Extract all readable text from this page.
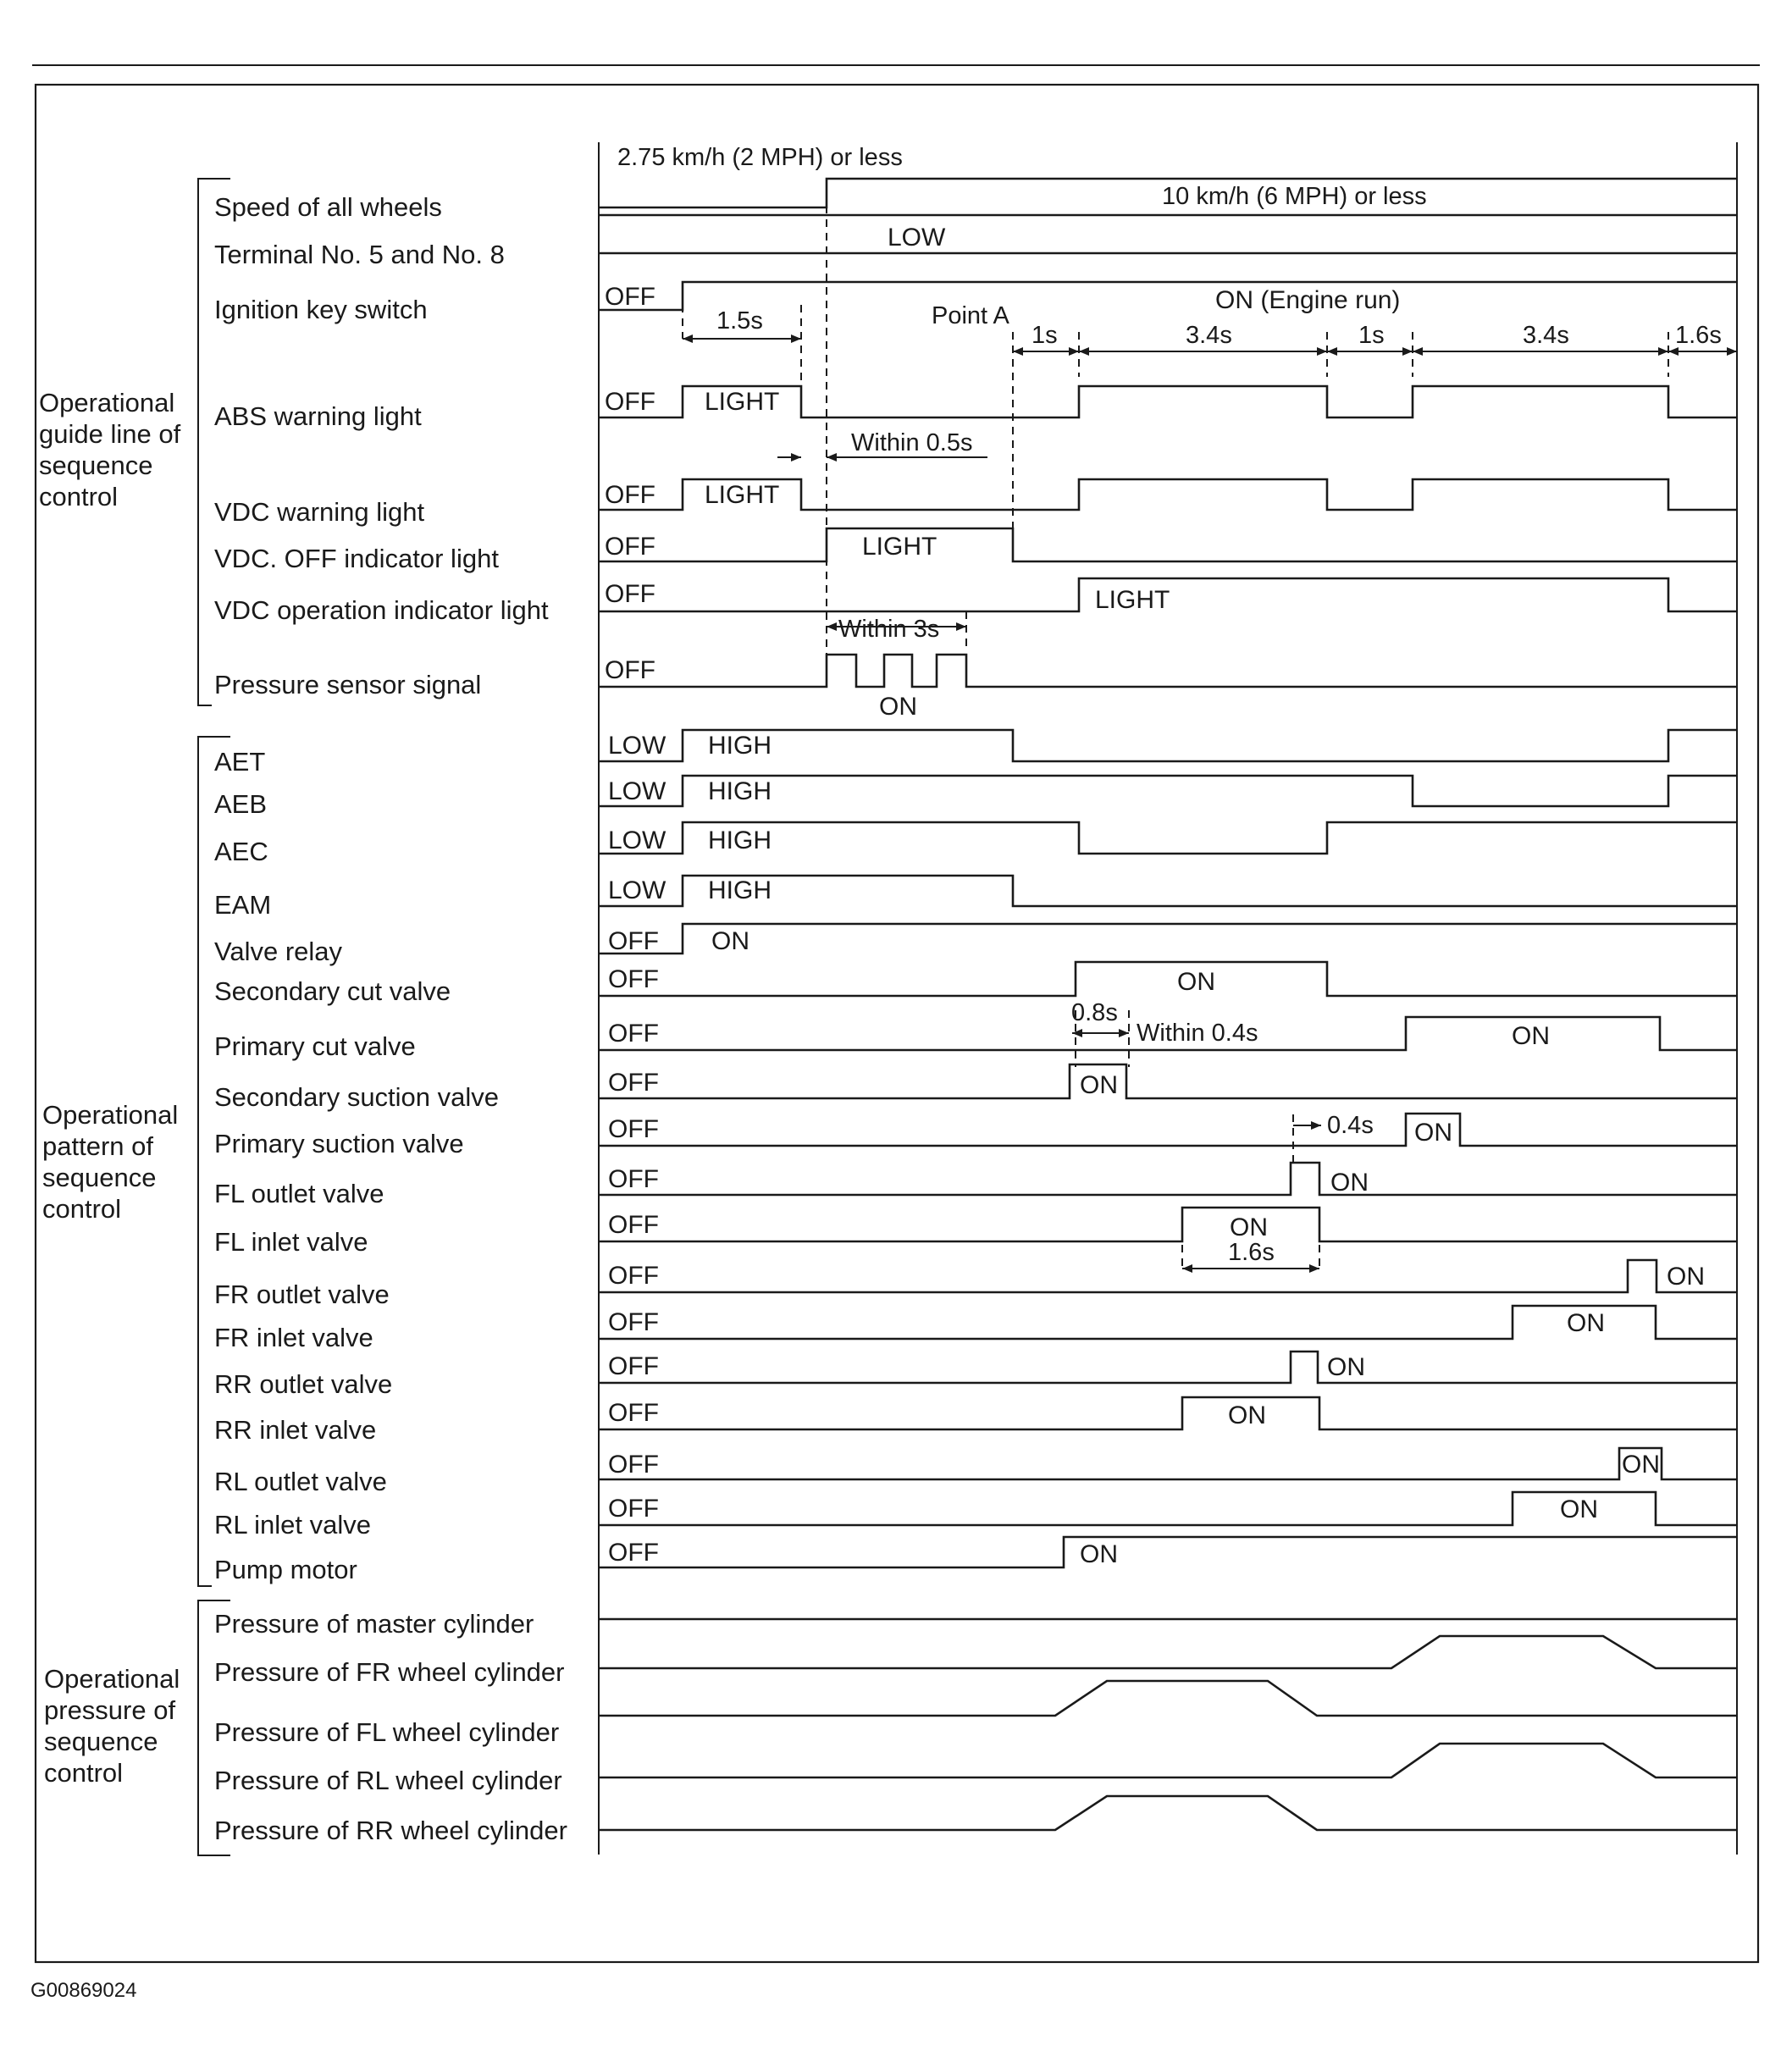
Operational
guide line of
sequence
control
Operational
pattern of
sequence
control
Operational
pressure of
sequence
control
Speed of all wheels
Terminal No. 5 and No. 8
Ignition key switch
ABS warning light
VDC warning light
VDC. OFF indicator light
VDC operation indicator light
Pressure sensor signal
AET
AEB
AEC
EAM
Valve relay
Secondary cut valve
Primary cut valve
Secondary suction valve
Primary suction valve
FL outlet valve
FL inlet valve
FR outlet valve
FR inlet valve
RR outlet valve
RR inlet valve
RL outlet valve
RL inlet valve
Pump motor
Pressure of master cylinder
Pressure of FR wheel cylinder
Pressure of FL wheel cylinder
Pressure of RL wheel cylinder
Pressure of RR wheel cylinder
LOW
OFF	ON (Engine run)
OFF LIGHT
OFF LIGHT
OFF	LIGHT
OFF	LIGHT
OFF
ON
LOW HIGH
LOW HIGH
LOW HIGH
LOW HIGH
OFF ON
OFF	ON
OFF	ON
OFF	ON
OFF	ON
OFF	ON
OFF	ON
OFF	ON
OFF	ON
OFF	ON
OFF	ON
OFF	ON
OFF	ON
OFF	ON
2.75 km/h (2 MPH) or less
10 km/h (6 MPH) or less
1.5s	Point A
1s	3.4s	1s	3.4s	1.6s
Within 0.5s
Within 3s
0.8s
Within 0.4s
0.4s
1.6s
G00869024
